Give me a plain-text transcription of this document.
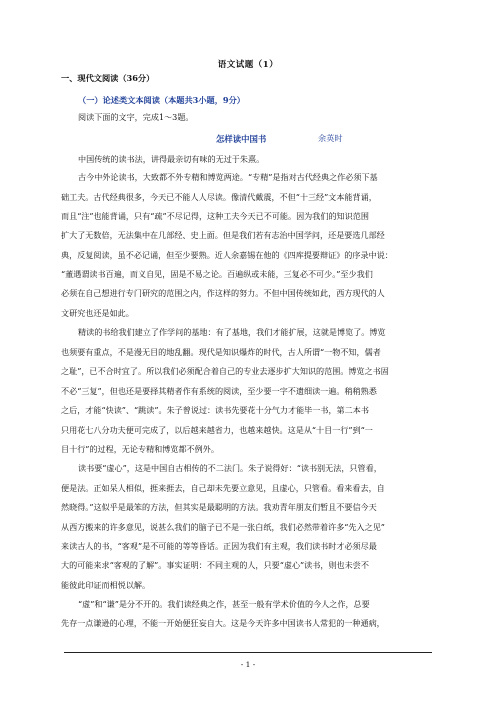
语文试题（1）
一、现代文阅读（36分）
（一）论述类文本阅读（本题共3小题，9分）
阅读下面的文字，完成1～3题。
怎样读中国书	余英时
中国传统的读书法，讲得最亲切有味的无过于朱熹。
古今中外论读书，大致都不外专精和博览两途。“专精”是指对古代经典之作必须下基
础工夫。古代经典很多，今天已不能人人尽读。像清代戴震，不但“十三经”文本能背诵，
而且“注”也能背诵，只有“疏”不尽记得，这种工夫今天已不可能。因为我们的知识范围
扩大了无数倍，无法集中在几部经、史上面。但是我们若有志治中国学问，还是要选几部经
典，反复阅读，虽不必记诵，但至少要熟。近人余嘉锡在他的《四库提要辩证》的序录中说：
“董遇谓读书百遍，而义自见，固是不易之论。百遍纵或未能，三复必不可少。”至少我们
必须在自己想进行专门研究的范围之内，作这样的努力。不但中国传统如此，西方现代的人
文研究也还是如此。
精读的书给我们建立了作学问的基地：有了基地，我们才能扩展，这就是博览了。博览
也须要有重点，不是漫无目的地乱翻。现代是知识爆炸的时代，古人所谓“一物不知，儒者
之耻”，已不合时宜了。所以我们必须配合着自己的专业去逐步扩大知识的范围。博览之书固
不必“三复”，但也还是要择其精者作有系统的阅读，至少要一字不遗细读一遍。稍稍熟悉
之后，才能“快读”、“跳读”。朱子曾说过：读书先要花十分气力才能毕一书，第二本书
只用花七八分功夫便可完成了，以后越来越省力，也越来越快。这是从“十目一行”到“一
目十行”的过程，无论专精和博览都不例外。
读书要“虚心”，这是中国自古相传的不二法门。朱子说得好：“读书别无法，只管看，
便是法。正如呆人相似，捱来捱去，自己却未先要立意见，且虚心，只管看。看来看去，自
然晓得。”这似乎是最笨的方法，但其实是最聪明的方法。我劝青年朋友们暂且不要信今天
从西方搬来的许多意见，说甚么我们的脑子已不是一张白纸，我们必然带着许多“先入之见”
来读古人的书，“客观”是不可能的等等昏话。正因为我们有主观，我们读书时才必须尽最
大的可能来求“客观的了解”。事实证明：不同主观的人，只要“虚心”读书，则也未尝不
能彼此印证而相悦以解。
“虚”和“谦”是分不开的。我们读经典之作，甚至一般有学术价值的今人之作，总要
先存一点谦逊的心理，不能一开始便狂妄自大。这是今天许多中国读书人常犯的一种通病，
- 1 -
